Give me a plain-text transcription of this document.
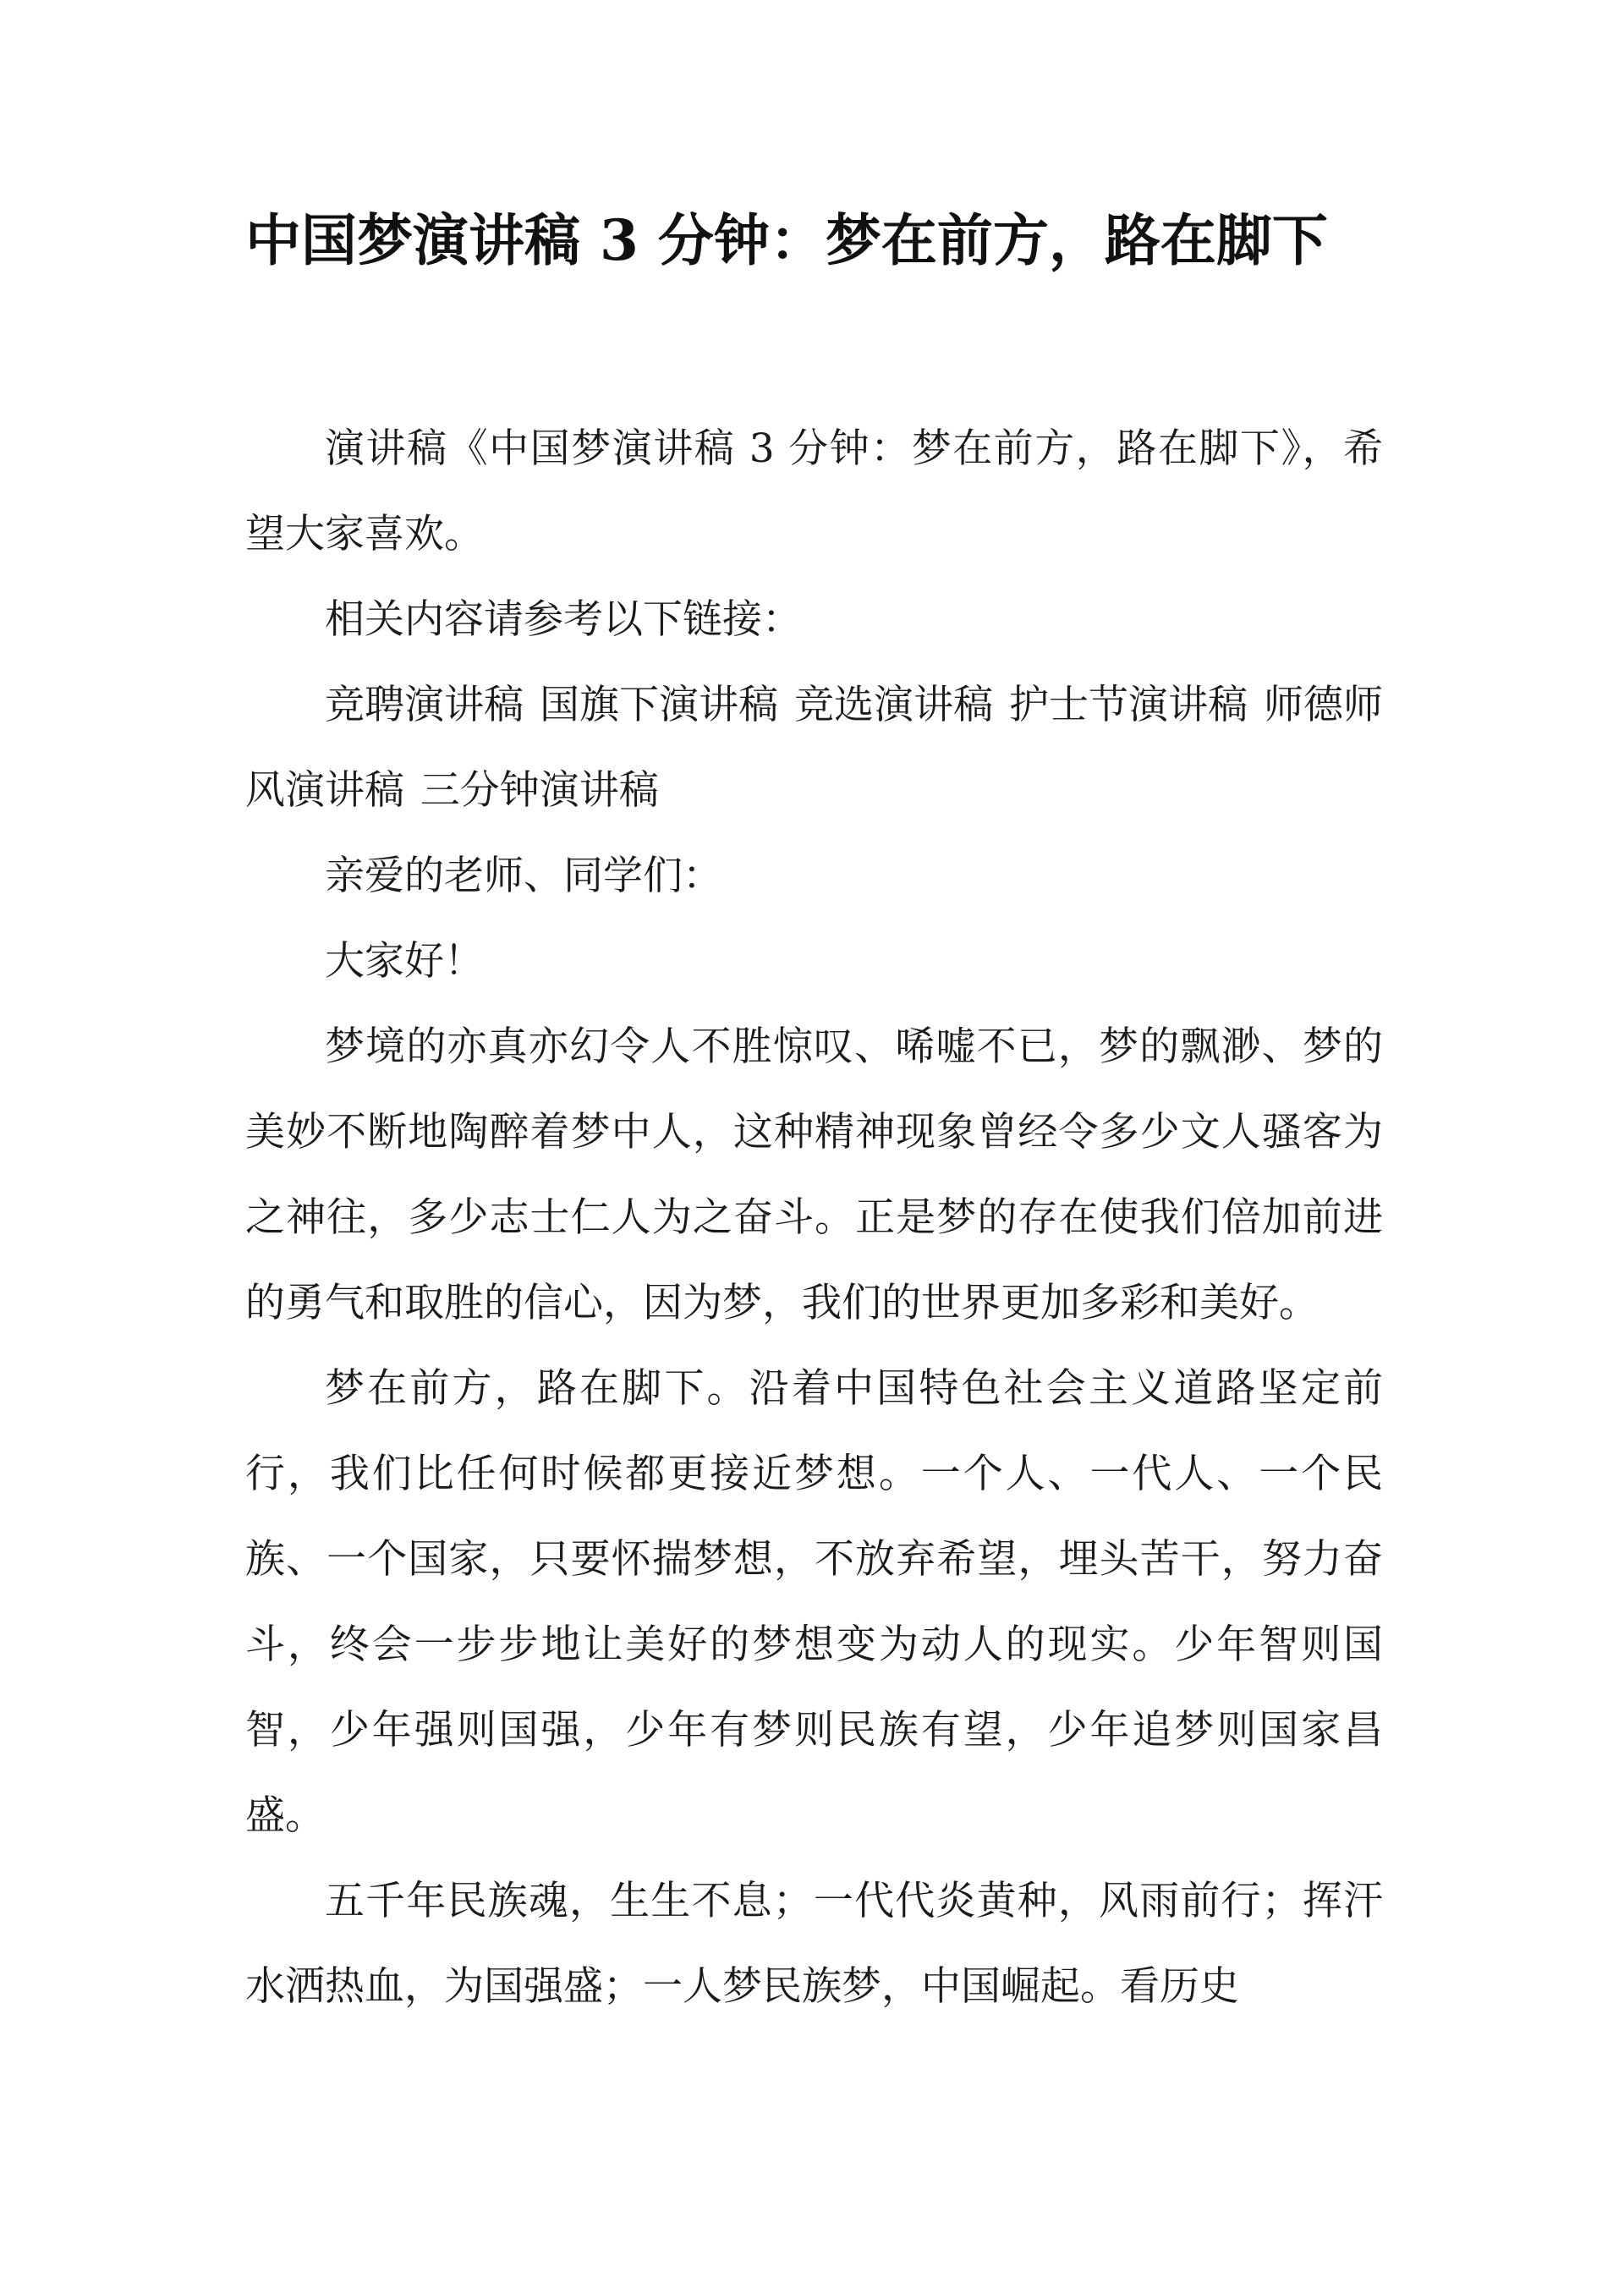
中国梦演讲稿 3 分钟：梦在前方，路在脚下

演讲稿《中国梦演讲稿 3 分钟：梦在前方，路在脚下》，希望大家喜欢。

相关内容请参考以下链接：

竞聘演讲稿 国旗下演讲稿 竞选演讲稿 护士节演讲稿 师德师风演讲稿 三分钟演讲稿

亲爱的老师、同学们：

大家好！

梦境的亦真亦幻令人不胜惊叹、唏嘘不已，梦的飘渺、梦的美妙不断地陶醉着梦中人，这种精神现象曾经令多少文人骚客为之神往，多少志士仁人为之奋斗。正是梦的存在使我们倍加前进的勇气和取胜的信心，因为梦，我们的世界更加多彩和美好。

梦在前方，路在脚下。沿着中国特色社会主义道路坚定前行，我们比任何时候都更接近梦想。一个人、一代人、一个民族、一个国家，只要怀揣梦想，不放弃希望，埋头苦干，努力奋斗，终会一步步地让美好的梦想变为动人的现实。少年智则国智，少年强则国强，少年有梦则民族有望，少年追梦则国家昌盛。

五千年民族魂，生生不息；一代代炎黄种，风雨前行；挥汗水洒热血，为国强盛；一人梦民族梦，中国崛起。看历史
